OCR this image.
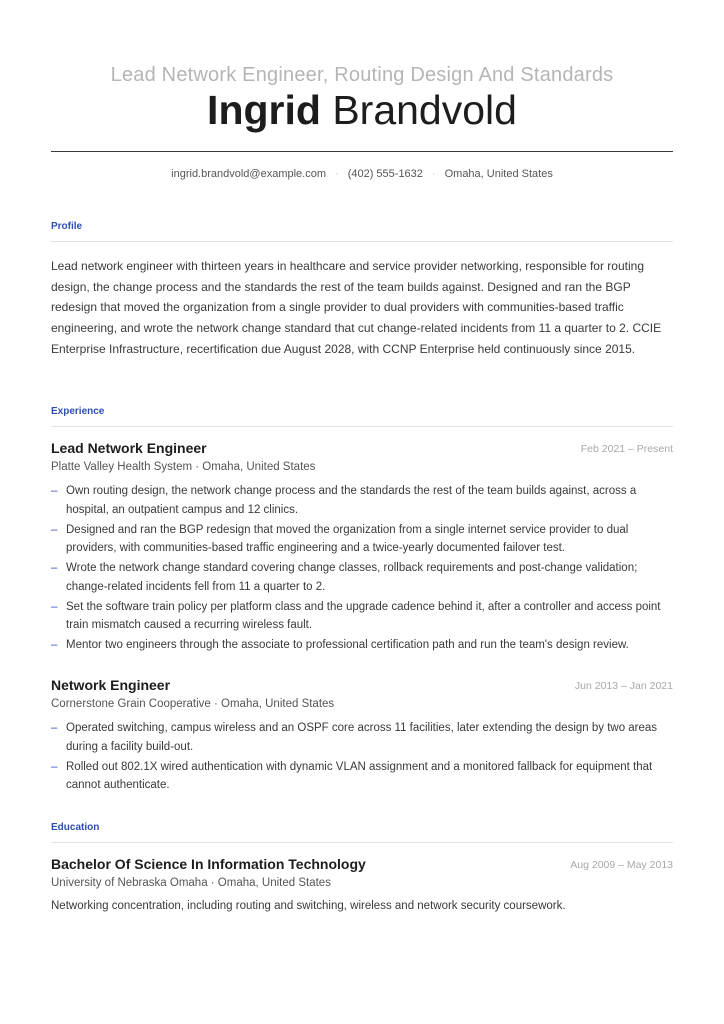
Lead Network Engineer, Routing Design And Standards
Ingrid Brandvold
ingrid.brandvold@example.com · (402) 555-1632 · Omaha, United States
Profile
Lead network engineer with thirteen years in healthcare and service provider networking, responsible for routing design, the change process and the standards the rest of the team builds against. Designed and ran the BGP redesign that moved the organization from a single provider to dual providers with communities-based traffic engineering, and wrote the network change standard that cut change-related incidents from 11 a quarter to 2. CCIE Enterprise Infrastructure, recertification due August 2028, with CCNP Enterprise held continuously since 2015.
Experience
Lead Network Engineer	Feb 2021 – Present
Platte Valley Health System · Omaha, United States
– Own routing design, the network change process and the standards the rest of the team builds against, across a hospital, an outpatient campus and 12 clinics.
– Designed and ran the BGP redesign that moved the organization from a single internet service provider to dual providers, with communities-based traffic engineering and a twice-yearly documented failover test.
– Wrote the network change standard covering change classes, rollback requirements and post-change validation; change-related incidents fell from 11 a quarter to 2.
– Set the software train policy per platform class and the upgrade cadence behind it, after a controller and access point train mismatch caused a recurring wireless fault.
– Mentor two engineers through the associate to professional certification path and run the team's design review.
Network Engineer	Jun 2013 – Jan 2021
Cornerstone Grain Cooperative · Omaha, United States
– Operated switching, campus wireless and an OSPF core across 11 facilities, later extending the design by two areas during a facility build-out.
– Rolled out 802.1X wired authentication with dynamic VLAN assignment and a monitored fallback for equipment that cannot authenticate.
Education
Bachelor Of Science In Information Technology	Aug 2009 – May 2013
University of Nebraska Omaha · Omaha, United States
Networking concentration, including routing and switching, wireless and network security coursework.
